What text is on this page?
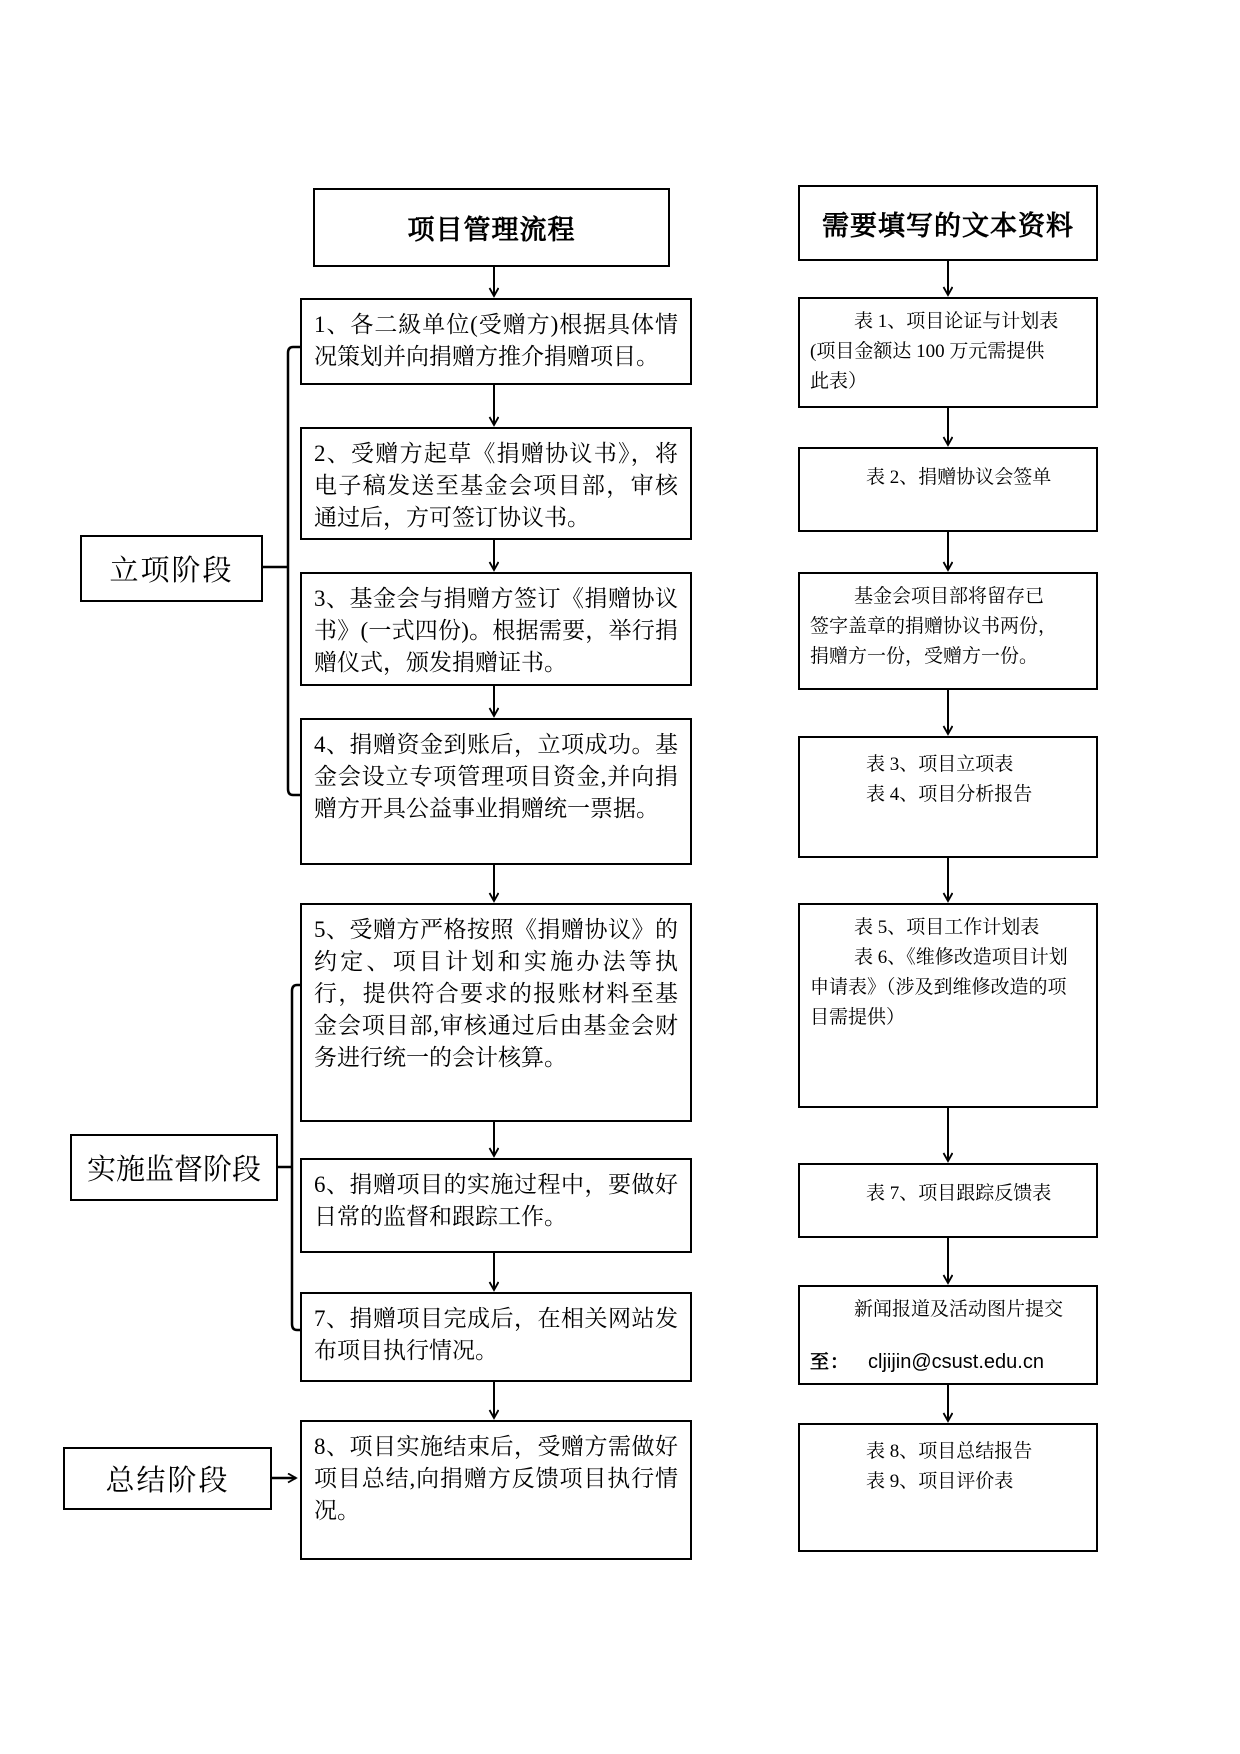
立项阶段
实施监督阶段
总结阶段
项目管理流程
1、各二級单位(受赠方)根据具体情况策划并向捐赠方推介捐赠项目。
2、受赠方起草《捐赠协议书》，将电子稿发送至基金会项目部，审核通过后，方可签订协议书。
3、基金会与捐赠方签订《捐赠协议书》(一式四份)。根据需要，举行捐赠仪式，颁发捐赠证书。
4、捐赠资金到账后，立项成功。基金会设立专项管理项目资金,并向捐赠方开具公益事业捐赠统一票据。
5、受赠方严格按照《捐赠协议》的约定、项目计划和实施办法等执行，提供符合要求的报账材料至基金会项目部,审核通过后由基金会财务进行统一的会计核算。
6、捐赠项目的实施过程中，要做好日常的监督和跟踪工作。
7、捐赠项目完成后，在相关网站发布项目执行情况。
8、项目实施结束后，受赠方需做好项目总结,向捐赠方反馈项目执行情况。
需要填写的文本资料
表 1、项目论证与计划表
(项目金额达 100 万元需提供
此表）
表 2、捐赠协议会签单
基金会项目部将留存已
签字盖章的捐赠协议书两份，
捐赠方一份，受赠方一份。
表 3、项目立项表
表 4、项目分析报告
表 5、项目工作计划表
表 6、《维修改造项目计划
申请表》（涉及到维修改造的项
目需提供）
表 7、项目跟踪反馈表
新闻报道及活动图片提交
至： cljijin@csust.edu.cn
表 8、项目总结报告
表 9、项目评价表
